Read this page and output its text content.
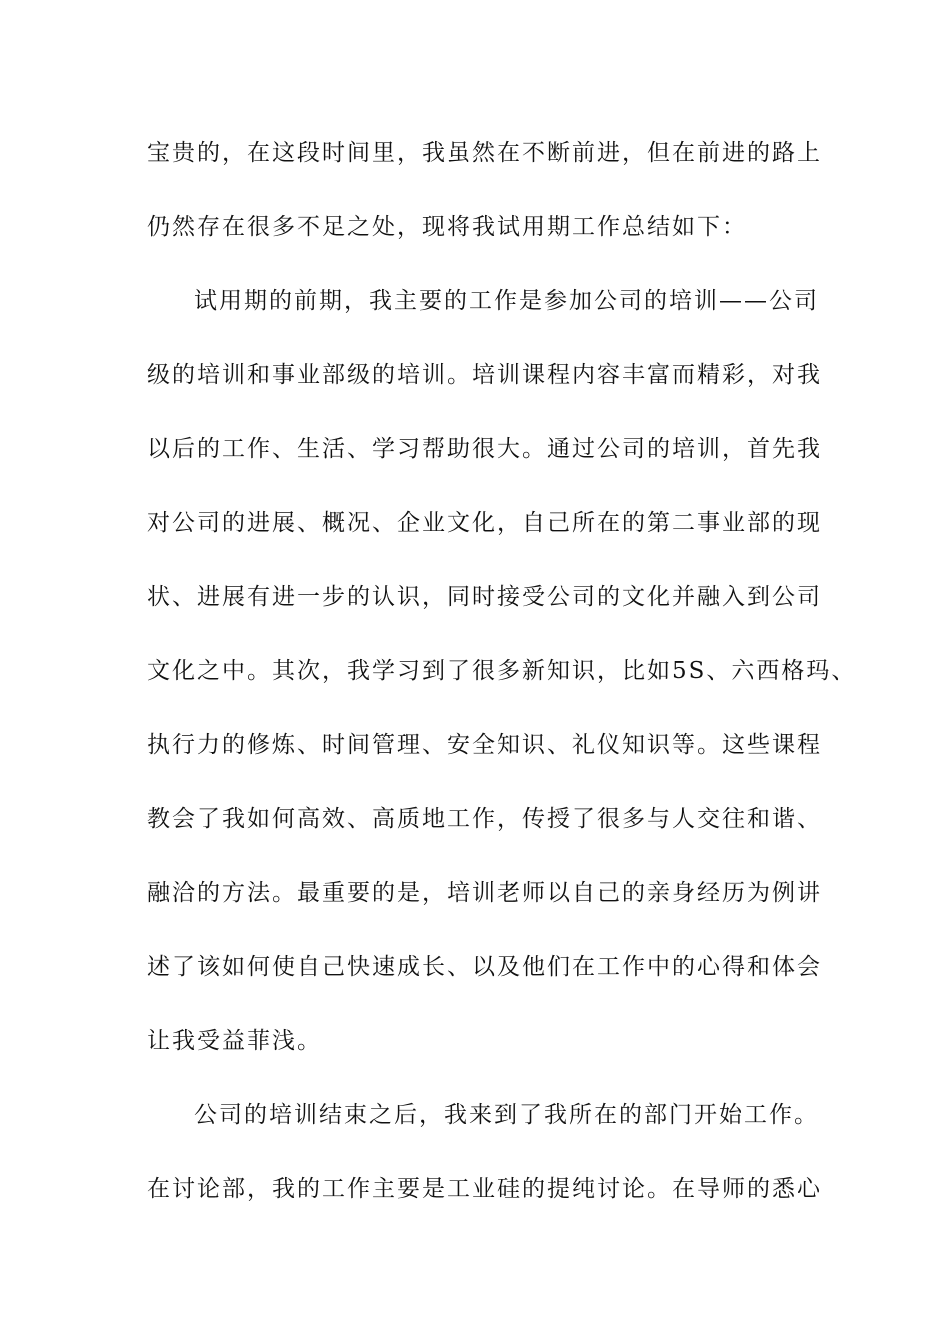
宝贵的，在这段时间里，我虽然在不断前进，但在前进的路上
仍然存在很多不足之处，现将我试用期工作总结如下：
试用期的前期，我主要的工作是参加公司的培训——公司
级的培训和事业部级的培训。培训课程内容丰富而精彩，对我
以后的工作、生活、学习帮助很大。通过公司的培训，首先我
对公司的进展、概况、企业文化，自己所在的第二事业部的现
状、进展有进一步的认识，同时接受公司的文化并融入到公司
文化之中。其次，我学习到了很多新知识，比如5S、六西格玛、
执行力的修炼、时间管理、安全知识、礼仪知识等。这些课程
教会了我如何高效、高质地工作，传授了很多与人交往和谐、
融洽的方法。最重要的是，培训老师以自己的亲身经历为例讲
述了该如何使自己快速成长、以及他们在工作中的心得和体会
让我受益菲浅。
公司的培训结束之后，我来到了我所在的部门开始工作。
在讨论部，我的工作主要是工业硅的提纯讨论。在导师的悉心
